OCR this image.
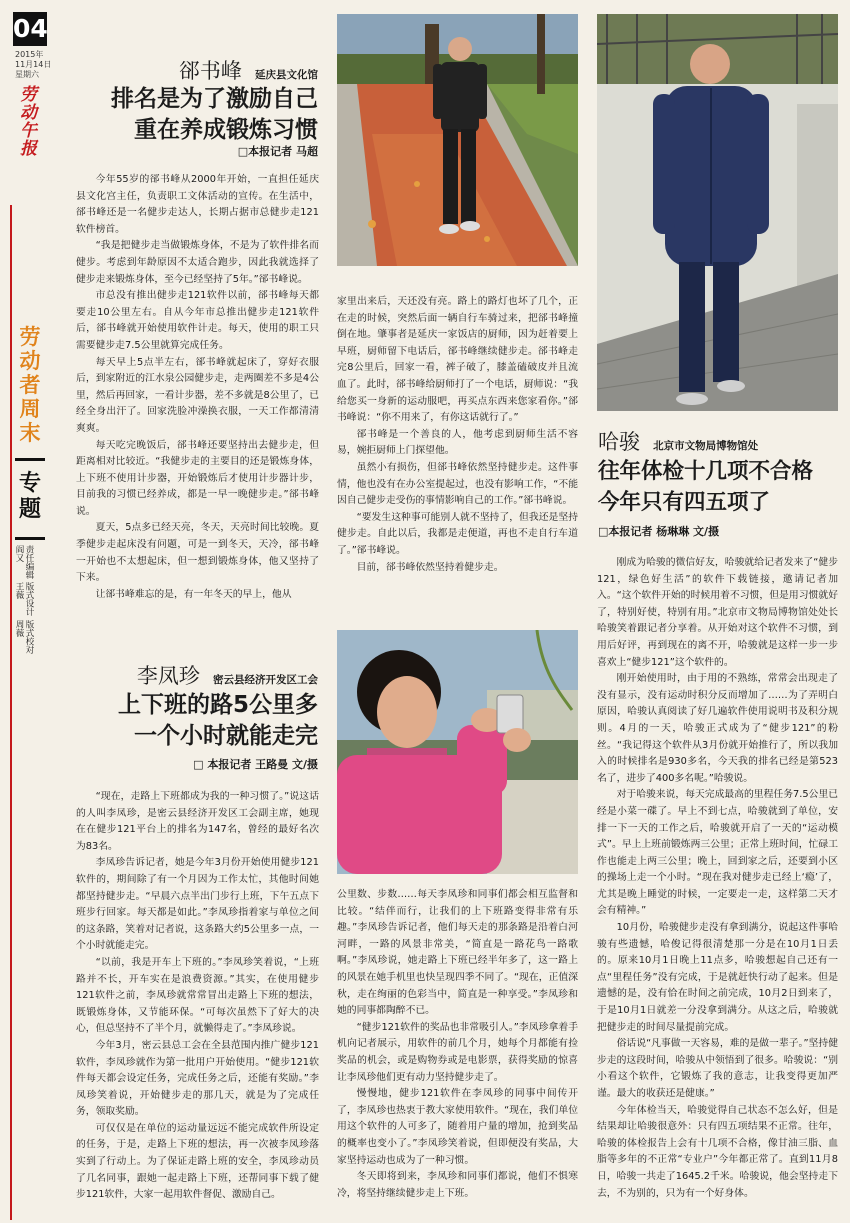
04
2015年
11月14日
星期六
劳动午报
劳动者周末
专题
版式校对 周薇
版式设计 王薇
责任编辑 阎又
郤书峰 延庆县文化馆

排名是为了激励自己

重在养成锻炼习惯

□本报记者 马超

今年55岁的郤书峰从2000年开始，一直担任延庆县文化宫主任，负责职工文体活动的宣传。在生活中，郤书峰还是一名健步走达人，长期占据市总健步走121软件榜首。

“我是把健步走当做锻炼身体，不是为了软件排名而健步。考虑到年龄原因不太适合跑步，因此我就选择了健步走来锻炼身体，至今已经坚持了5年。”郤书峰说。

市总没有推出健步走121软件以前，郤书峰每天都要走10公里左右。自从今年市总推出健步走121软件后，郤书峰就开始使用软件计走。每天，使用的职工只需要健步走7.5公里就算完成任务。

每天早上5点半左右，郤书峰就起床了，穿好衣服后，到家附近的江水泉公园健步走，走两圈差不多是4公里，然后再回家，一看计步器，差不多就是8公里了，已经全身出汗了。回家洗脸冲澡换衣服，一天工作都清清爽爽。

每天吃完晚饭后，郤书峰还要坚持出去健步走，但距离相对比较近。“我健步走的主要目的还是锻炼身体，上下班不使用计步器，开始锻炼后才使用计步器计步，目前我的习惯已经养成，都是一早一晚健步走。”郤书峰说。

夏天，5点多已经天亮，冬天，天亮时间比较晚。夏季健步走起床没有问题，可是一到冬天，天冷，郤书峰一开始也不太想起床，但一想到锻炼身体，他又坚持了下来。

让郤书峰难忘的是，有一年冬天的早上，他从

家里出来后，天还没有亮。路上的路灯也坏了几个，正在走的时候，突然后面一辆自行车骑过来，把郤书峰撞倒在地。肇事者是延庆一家饭店的厨师，因为赶着要上早班，厨师留下电话后，郤书峰继续健步走。郤书峰走完8公里后，回家一看，裤子破了，膝盖磕破皮并且流血了。此时，郤书峰给厨师打了一个电话，厨师说：“我给您买一身新的运动服吧，再买点东西来您家看你。”郤书峰说：“你不用来了，有你这话就行了。”

郤书峰是一个善良的人，他考虑到厨师生活不容易，婉拒厨师上门探望他。

虽然小有损伤，但郤书峰依然坚持健步走。这件事情，他也没有在办公室提起过，也没有影响工作，“不能因自己健步走受伤的事情影响自己的工作。”郤书峰说。

“要发生这种事可能别人就不坚持了，但我还是坚持健步走。自此以后，我都是走便道，再也不走自行车道了。”郤书峰说。

目前，郤书峰依然坚持着健步走。

哈骏 北京市文物局博物馆处

往年体检十几项不合格

今年只有四五项了

□本报记者 杨琳琳 文/摄

刚成为哈骏的微信好友，哈骏就给记者发来了“健步121，绿色好生活”的软件下载链接，邀请记者加入。“这个软件开始的时候用着不习惯，但是用习惯就好了，特别好使，特别有用。”北京市文物局博物馆处处长哈骏笑着跟记者分享着。从开始对这个软件不习惯，到用后好评，再到现在的离不开，哈骏就是这样一步一步喜欢上“健步121”这个软件的。

刚开始使用时，由于用的不熟练，常常会出现走了没有显示，没有运动时积分反而增加了……为了弄明白原因，哈骏认真阅读了好几遍软件使用说明书及积分规则。4月的一天，哈骏正式成为了“健步121”的粉丝。“我记得这个软件从3月份就开始推行了，所以我加入的时候排名是930多名，今天我的排名已经是第523名了，进步了400多名呢。”哈骏说。

对于哈骏来说，每天完成最高的里程任务7.5公里已经是小菜一碟了。早上不到七点，哈骏就到了单位，安排一下一天的工作之后，哈骏就开启了一天的“运动模式”。早上上班前锻炼两三公里；正常上班时间，忙碌工作也能走上两三公里；晚上，回到家之后，还要到小区的操场上走一个小时。“现在我对健步走已经上‘瘾’了，尤其是晚上睡觉的时候，一定要走一走，这样第二天才会有精神。”

10月份，哈骏健步走没有拿到满分，说起这件事哈骏有些遗憾，哈俊记得很清楚那一分是在10月1日丢的。原来10月1日晚上11点多，哈骏想起自己还有一点“里程任务”没有完成，于是就赶快行动了起来。但是遗憾的是，没有恰在时间之前完成，10月2日到来了，于是10月1日就差一分没拿到满分。从这之后，哈骏就把健步走的时间尽量提前完成。

俗话说“凡事做一天容易，难的是做一辈子。”坚持健步走的这段时间，哈骏从中领悟到了很多。哈骏说：“别小看这个软件，它锻炼了我的意志，让我变得更加严谨。最大的收获还是健康。”

今年体检当天，哈骏觉得自己状态不怎么好，但是结果却让哈骏很意外：只有四五项结果不正常。往年，哈骏的体检报告上会有十几项不合格，像甘油三脂、血脂等多年的不正常“专业户”今年都正常了。直到11月8日，哈骏一共走了1645.2千米。哈骏说，他会坚持走下去，不为别的，只为有一个好身体。

李凤珍 密云县经济开发区工会

上下班的路5公里多

一个小时就能走完

□ 本报记者 王路曼 文/摄

“现在，走路上下班都成为我的一种习惯了。”说这话的人叫李凤珍，是密云县经济开发区工会副主席，她现在在健步121平台上的排名为147名，曾经的最好名次为83名。

李凤珍告诉记者，她是今年3月份开始使用健步121软件的，期间除了有一个月因为工作太忙，其他时间她都坚持健步走。“早晨六点半出门步行上班，下午五点下班步行回家。每天都是如此。”李凤珍指着家与单位之间的这条路，笑着对记者说，这条路大约5公里多一点，一个小时就能走完。

“以前，我是开车上下班的。”李凤珍笑着说，“上班路并不长，开车实在是浪费资源。”其实，在使用健步121软件之前，李凤珍就常常冒出走路上下班的想法，既锻炼身体，又节能环保。“可每次虽然下了好大的决心，但总坚持不了半个月，就懒得走了。”李凤珍说。

今年3月，密云县总工会在全县范围内推广健步121软件，李凤珍就作为第一批用户开始使用。“健步121软件每天都会设定任务，完成任务之后，还能有奖励。”李凤珍笑着说，开始健步走的那几天，就是为了完成任务，领取奖励。

可仅仅是在单位的运动量远远不能完成软件所设定的任务，于是，走路上下班的想法，再一次被李凤珍落实到了行动上。为了保证走路上班的安全，李凤珍动员了几名同事，跟她一起走路上下班，还帮同事下载了健步121软件，大家一起用软件督促、激励自己。

公里数、步数……每天李凤珍和同事们都会相互监督和比较。“结伴而行，让我们的上下班路变得非常有乐趣。”李凤珍告诉记者，他们每天走的那条路是沿着白河河畔，一路的风景非常美，“简直是一路花鸟一路歌啊。”李凤珍说，她走路上下班已经半年多了，这一路上的风景在她手机里也快呈现四季不同了。“现在，正值深秋，走在绚丽的色彩当中，简直是一种享受。”李凤珍和她的同事都陶醉不已。

“健步121软件的奖品也非常吸引人。”李凤珍拿着手机向记者展示，用软件的前几个月，她每个月都能有捡奖品的机会，或是购物券或是电影票，获得奖励的惊喜让李凤珍他们更有动力坚持健步走了。

慢慢地，健步121软件在李凤珍的同事中间传开了，李凤珍也热衷于教大家使用软件。“现在，我们单位用这个软件的人可多了，随着用户量的增加，抢到奖品的概率也变小了。”李凤珍笑着说，但即便没有奖品，大家坚持运动也成为了一种习惯。

冬天即将到来，李凤珍和同事们都说，他们不惧寒冷，将坚持继续健步走上下班。
